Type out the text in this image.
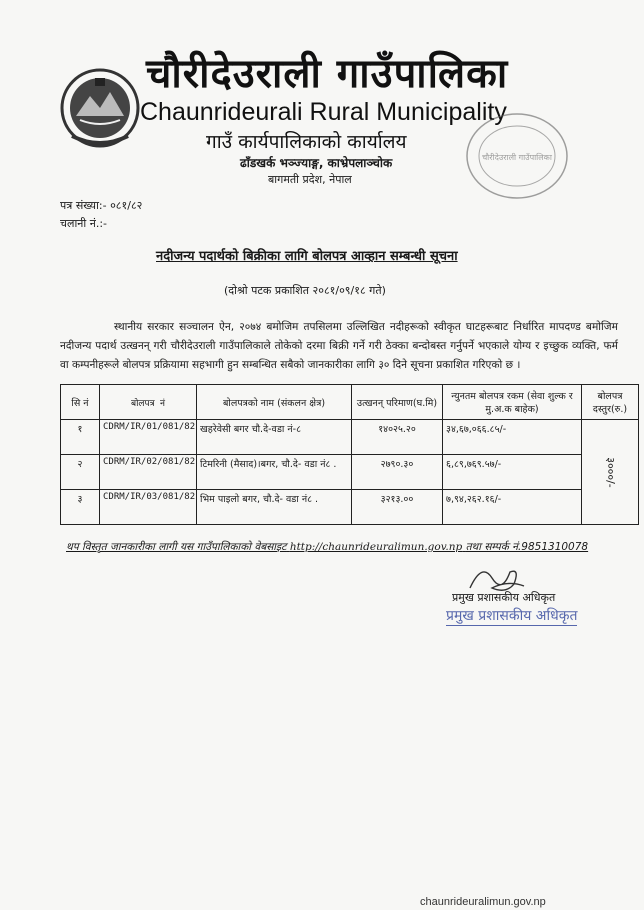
चौरीदेउराली गाउँपालिका
Chaunrideurali Rural Municipality
गाउँ कार्यपालिकाको कार्यालय
ढाँडखर्क भञ्ज्याङ्ग, काभ्रेपलाञ्चोक
बागमती प्रदेश, नेपाल
चौरीदेउराली गाउँपालिका
पत्र संख्या:- ०८१/८२
चलानी नं.:-
नदीजन्य पदार्थको बिक्रीका लागि बोलपत्र आव्हान सम्बन्धी सूचना
(दोश्रो पटक प्रकाशित २०८१/०९/१८ गते)
स्थानीय सरकार सञ्चालन ऐन, २०७४ बमोजिम तपसिलमा उल्लिखित नदीहरूको स्वीकृत घाटहरूबाट निर्धारित मापदण्ड बमोजिम नदीजन्य पदार्थ उत्खनन् गरी चौरीदेउराली गाउँपालिकाले तोकेको दरमा बिक्री गर्ने गरी ठेक्का बन्दोबस्त गर्नुपर्ने भएकाले योग्य र इच्छुक व्यक्ति, फर्म वा कम्पनीहरूले बोलपत्र प्रक्रियामा सहभागी हुन सम्बन्धित सबैको जानकारीका लागि ३० दिने सूचना प्रकाशित गरिएको छ ।
सि नं	बोलपत्र नं	बोलपत्रको नाम (संकलन क्षेत्र)	उत्खनन् परिमाण(घ.मि)	न्युनतम बोलपत्र रकम (सेवा शुल्क र मु.अ.क बाहेक)	बोलपत्र दस्तुर(रु.)
१	CDRM/IR/01/081/82	खहरेवेसी बगर चौ.दे-वडा नं-८	१४०२५.२०	३४,६७,०६६.८५/-	३०००/-
२	CDRM/IR/02/081/82	टिमरिनी (मैसाद)।बगर, चौ.दे- वडा नं८ .	२७९०.३०	६,८९,७६९.५७/-	
३	CDRM/IR/03/081/82	भिम पाइलो बगर, चौ.दे- वडा नं८ .	३२१३.००	७,९४,२६२.१६/-	
थप विस्तृत जानकारीका लागी यस गाउँपालिकाको वेबसाइट http://chaunrideuralimun.gov.np तथा सम्पर्क नं.9851310078
प्रमुख प्रशासकीय अधिकृत
प्रमुख प्रशासकीय अधिकृत
chaunrideuralimun.gov.np
